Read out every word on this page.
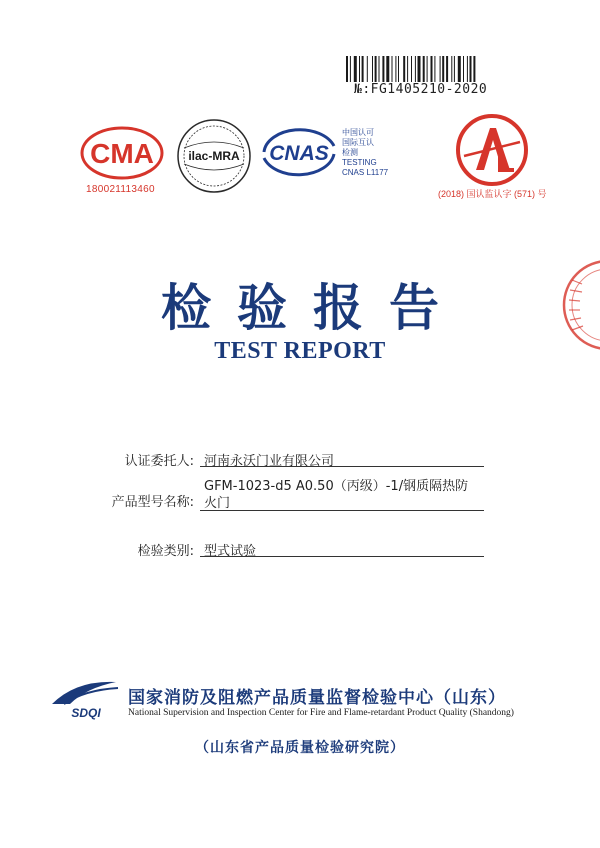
№:FG1405210-2020
CMA
180021113460
ilac-MRA CNAS
中国认可
国际互认
检测
TESTING
CNAS L1177
(2018) 国认监认字 (571) 号
检验报告
TEST REPORT
认证委托人: 河南永沃门业有限公司
GFM-1023-d5 A0.50（丙级）-1/钢质隔热防
产品型号名称: 火门
检验类别: 型式试验
SDQI
国家消防及阻燃产品质量监督检验中心（山东）
National Supervision and Inspection Center for Fire and Flame-retardant Product Quality (Shandong)
（山东省产品质量检验研究院）
